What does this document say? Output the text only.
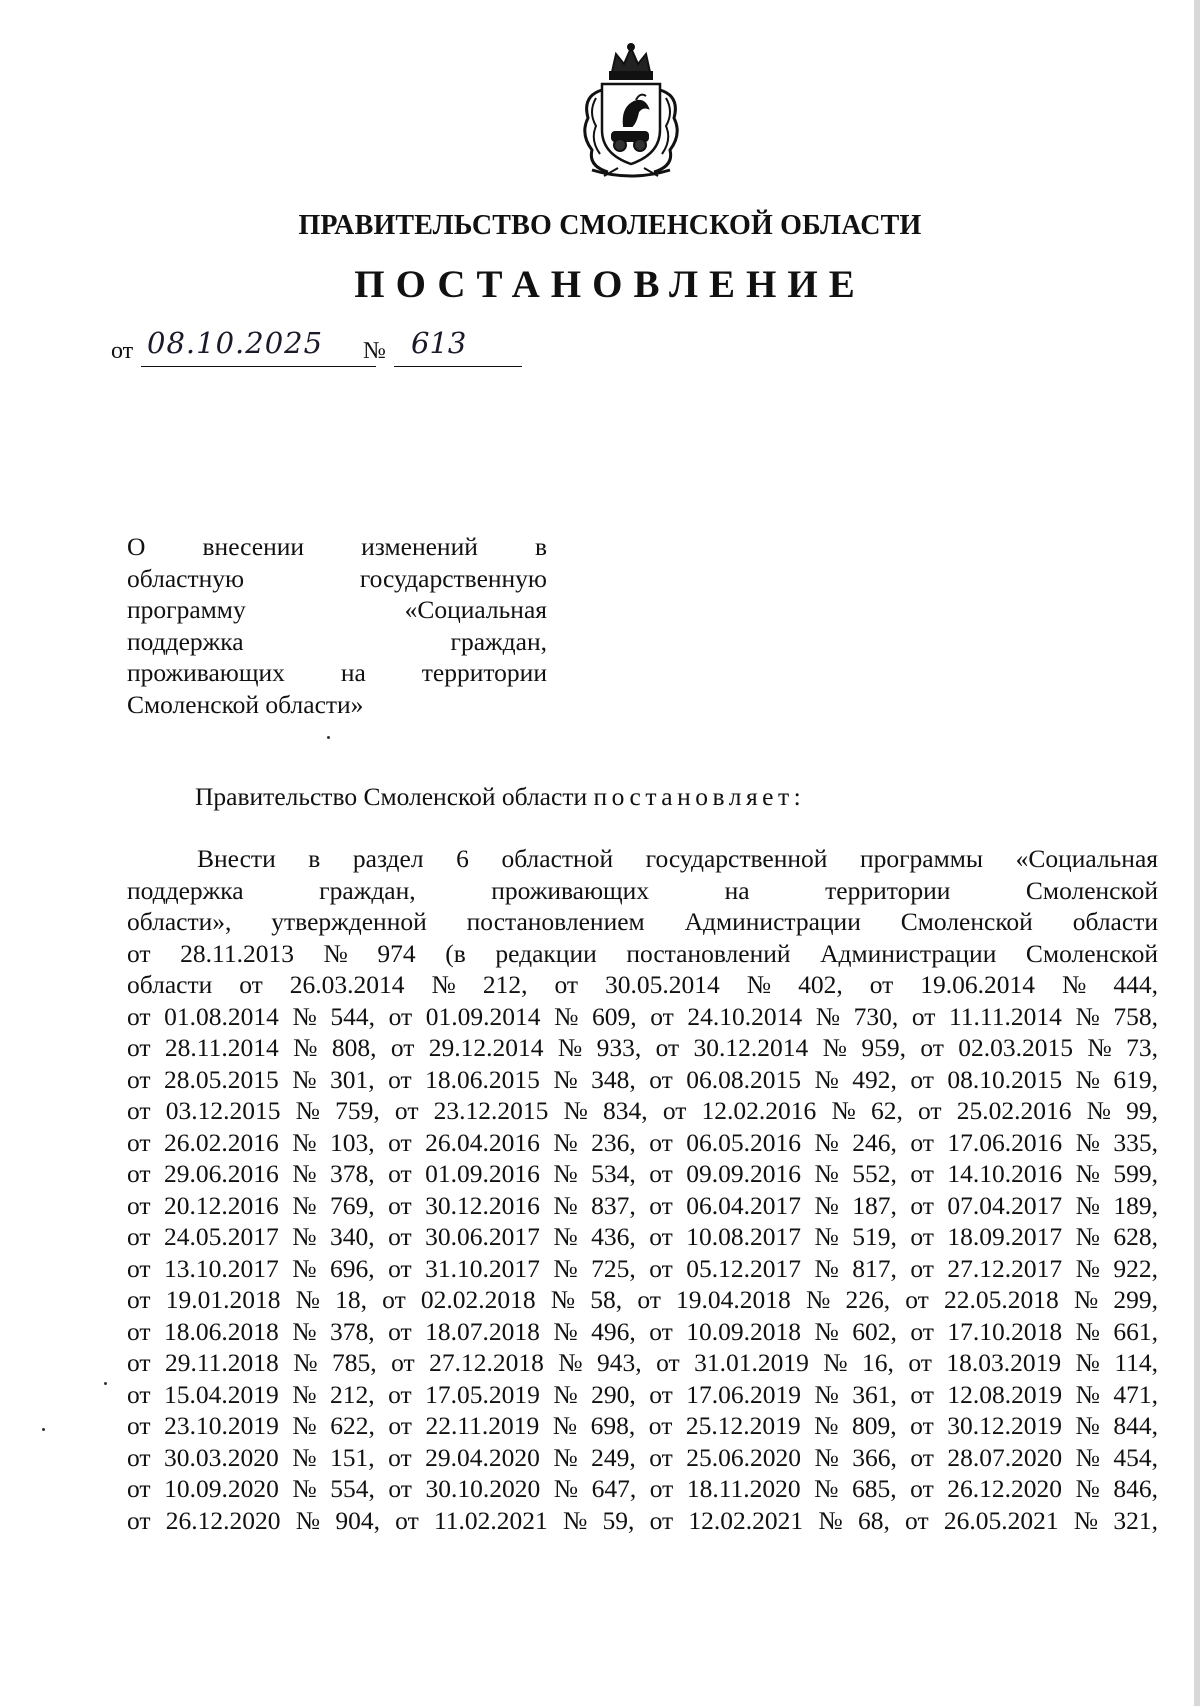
ПРАВИТЕЛЬСТВО СМОЛЕНСКОЙ ОБЛАСТИ
ПОСТАНОВЛЕНИЕ
от 08.10.2025 № 613
О внесении изменений в
областную	государственную
программу	«Социальная
поддержка	граждан,
проживающих на территории
Смоленской области»
Правительство Смоленской области постановляет:
Внести в раздел 6 областной государственной программы «Социальная
поддержка граждан, проживающих на территории Смоленской
области», утвержденной постановлением Администрации Смоленской области
от 28.11.2013 № 974 (в редакции постановлений Администрации Смоленской
области от 26.03.2014 № 212, от 30.05.2014 № 402, от 19.06.2014 № 444,
от 01.08.2014 № 544, от 01.09.2014 № 609, от 24.10.2014 № 730, от 11.11.2014 № 758,
от 28.11.2014 № 808, от 29.12.2014 № 933, от 30.12.2014 № 959, от 02.03.2015 № 73,
от 28.05.2015 № 301, от 18.06.2015 № 348, от 06.08.2015 № 492, от 08.10.2015 № 619,
от 03.12.2015 № 759, от 23.12.2015 № 834, от 12.02.2016 № 62, от 25.02.2016 № 99,
от 26.02.2016 № 103, от 26.04.2016 № 236, от 06.05.2016 № 246, от 17.06.2016 № 335,
от 29.06.2016 № 378, от 01.09.2016 № 534, от 09.09.2016 № 552, от 14.10.2016 № 599,
от 20.12.2016 № 769, от 30.12.2016 № 837, от 06.04.2017 № 187, от 07.04.2017 № 189,
от 24.05.2017 № 340, от 30.06.2017 № 436, от 10.08.2017 № 519, от 18.09.2017 № 628,
от 13.10.2017 № 696, от 31.10.2017 № 725, от 05.12.2017 № 817, от 27.12.2017 № 922,
от 19.01.2018 № 18, от 02.02.2018 № 58, от 19.04.2018 № 226, от 22.05.2018 № 299,
от 18.06.2018 № 378, от 18.07.2018 № 496, от 10.09.2018 № 602, от 17.10.2018 № 661,
от 29.11.2018 № 785, от 27.12.2018 № 943, от 31.01.2019 № 16, от 18.03.2019 № 114,
от 15.04.2019 № 212, от 17.05.2019 № 290, от 17.06.2019 № 361, от 12.08.2019 № 471,
от 23.10.2019 № 622, от 22.11.2019 № 698, от 25.12.2019 № 809, от 30.12.2019 № 844,
от 30.03.2020 № 151, от 29.04.2020 № 249, от 25.06.2020 № 366, от 28.07.2020 № 454,
от 10.09.2020 № 554, от 30.10.2020 № 647, от 18.11.2020 № 685, от 26.12.2020 № 846,
от 26.12.2020 № 904, от 11.02.2021 № 59, от 12.02.2021 № 68, от 26.05.2021 № 321,
